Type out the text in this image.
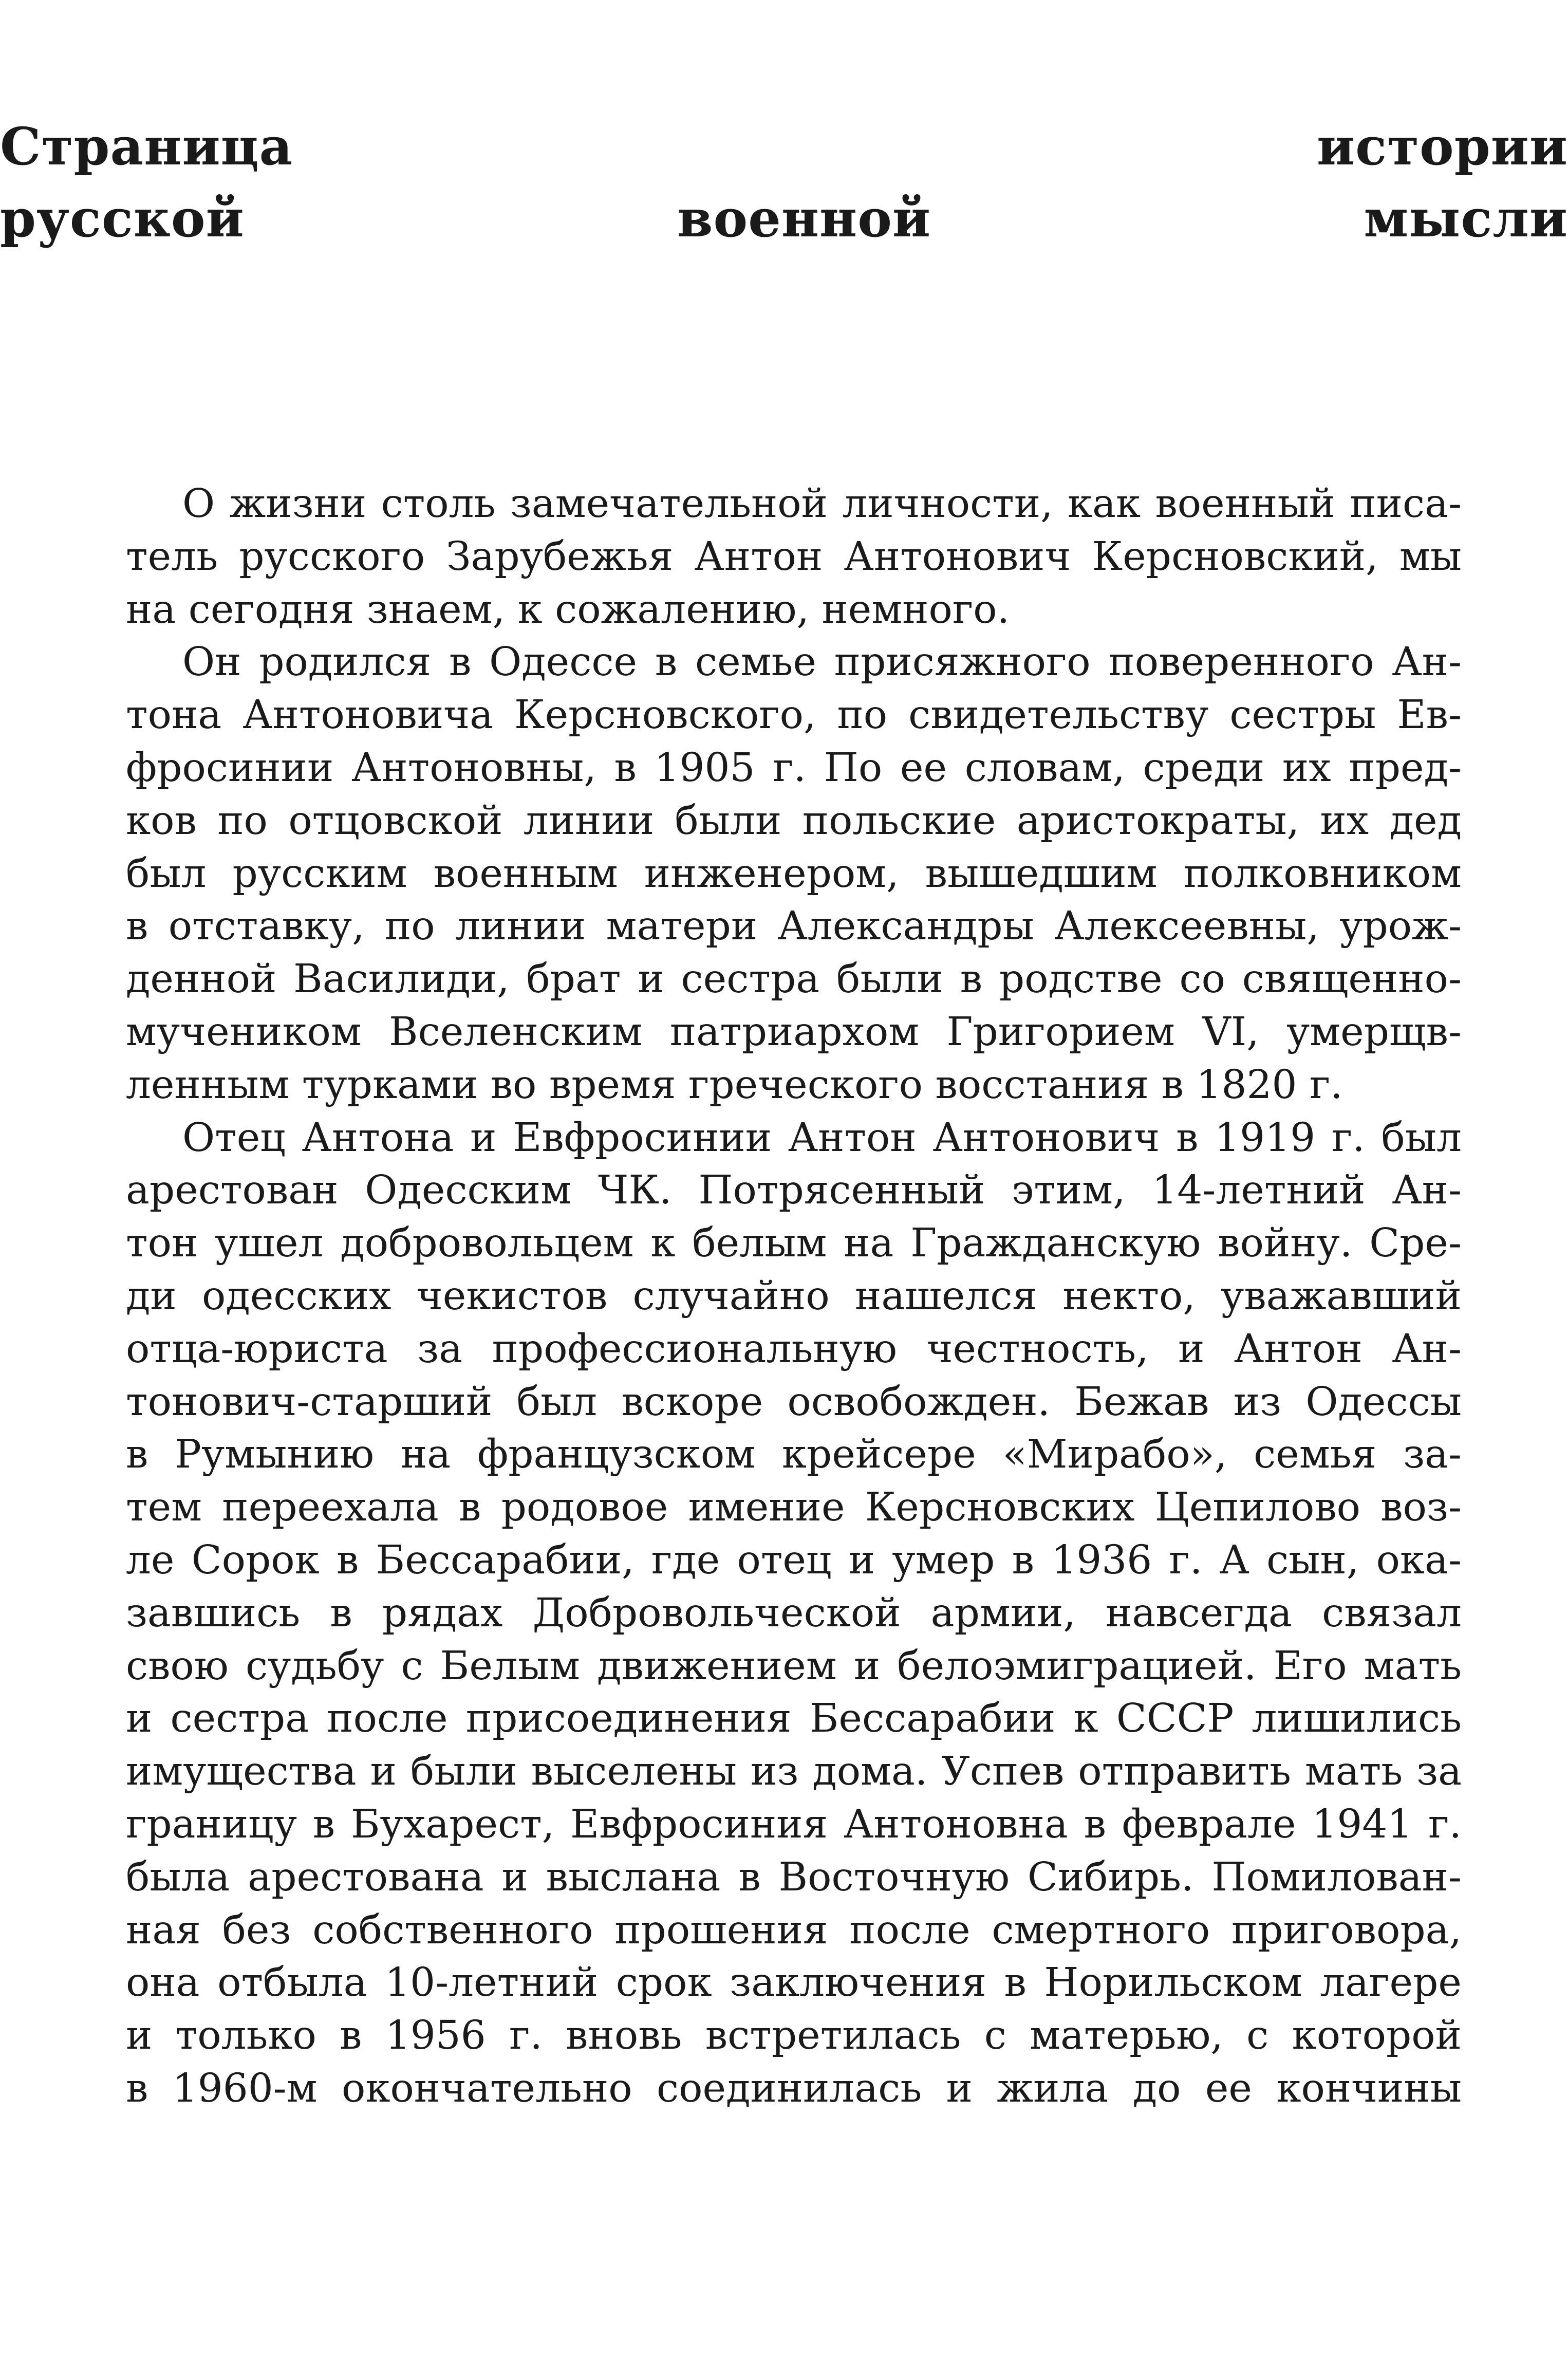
Страница истории
русской военной мысли
О жизни столь замечательной личности, как военный писа-
тель русского Зарубежья Антон Антонович Керсновский, мы
на сегодня знаем, к сожалению, немного.
Он родился в Одессе в семье присяжного поверенного Ан-
тона Антоновича Керсновского, по свидетельству сестры Ев-
фросинии Антоновны, в 1905 г. По ее словам, среди их пред-
ков по отцовской линии были польские аристократы, их дед
был русским военным инженером, вышедшим полковником
в отставку, по линии матери Александры Алексеевны, урож-
денной Василиди, брат и сестра были в родстве со священно-
мучеником Вселенским патриархом Григорием VI, умерщв-
ленным турками во время греческого восстания в 1820 г.
Отец Антона и Евфросинии Антон Антонович в 1919 г. был
арестован Одесским ЧК. Потрясенный этим, 14-летний Ан-
тон ушел добровольцем к белым на Гражданскую войну. Сре-
ди одесских чекистов случайно нашелся некто, уважавший
отца-юриста за профессиональную честность, и Антон Ан-
тонович-старший был вскоре освобожден. Бежав из Одессы
в Румынию на французском крейсере «Мирабо», семья за-
тем переехала в родовое имение Керсновских Цепилово воз-
ле Сорок в Бессарабии, где отец и умер в 1936 г. А сын, ока-
завшись в рядах Добровольческой армии, навсегда связал
свою судьбу с Белым движением и белоэмиграцией. Его мать
и сестра после присоединения Бессарабии к СССР лишились
имущества и были выселены из дома. Успев отправить мать за
границу в Бухарест, Евфросиния Антоновна в феврале 1941 г.
была арестована и выслана в Восточную Сибирь. Помилован-
ная без собственного прошения после смертного приговора,
она отбыла 10-летний срок заключения в Норильском лагере
и только в 1956 г. вновь встретилась с матерью, с которой
в 1960-м окончательно соединилась и жила до ее кончины
